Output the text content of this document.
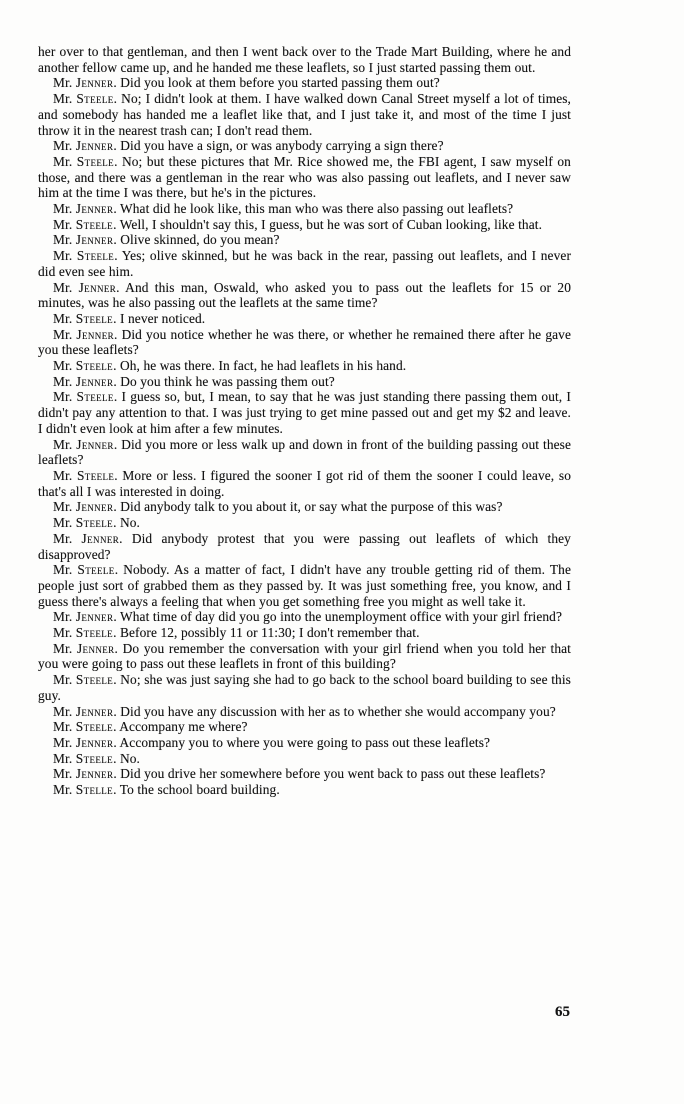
her over to that gentleman, and then I went back over to the Trade Mart Building, where he and another fellow came up, and he handed me these leaflets, so I just started passing them out.

Mr. Jenner. Did you look at them before you started passing them out?

Mr. Steele. No; I didn't look at them. I have walked down Canal Street myself a lot of times, and somebody has handed me a leaflet like that, and I just take it, and most of the time I just throw it in the nearest trash can; I don't read them.

Mr. Jenner. Did you have a sign, or was anybody carrying a sign there?

Mr. Steele. No; but these pictures that Mr. Rice showed me, the FBI agent, I saw myself on those, and there was a gentleman in the rear who was also passing out leaflets, and I never saw him at the time I was there, but he's in the pictures.

Mr. Jenner. What did he look like, this man who was there also passing out leaflets?

Mr. Steele. Well, I shouldn't say this, I guess, but he was sort of Cuban looking, like that.

Mr. Jenner. Olive skinned, do you mean?

Mr. Steele. Yes; olive skinned, but he was back in the rear, passing out leaflets, and I never did even see him.

Mr. Jenner. And this man, Oswald, who asked you to pass out the leaflets for 15 or 20 minutes, was he also passing out the leaflets at the same time?

Mr. Steele. I never noticed.

Mr. Jenner. Did you notice whether he was there, or whether he remained there after he gave you these leaflets?

Mr. Steele. Oh, he was there. In fact, he had leaflets in his hand.

Mr. Jenner. Do you think he was passing them out?

Mr. Steele. I guess so, but, I mean, to say that he was just standing there passing them out, I didn't pay any attention to that. I was just trying to get mine passed out and get my $2 and leave. I didn't even look at him after a few minutes.

Mr. Jenner. Did you more or less walk up and down in front of the building passing out these leaflets?

Mr. Steele. More or less. I figured the sooner I got rid of them the sooner I could leave, so that's all I was interested in doing.

Mr. Jenner. Did anybody talk to you about it, or say what the purpose of this was?

Mr. Steele. No.

Mr. Jenner. Did anybody protest that you were passing out leaflets of which they disapproved?

Mr. Steele. Nobody. As a matter of fact, I didn't have any trouble getting rid of them. The people just sort of grabbed them as they passed by. It was just something free, you know, and I guess there's always a feeling that when you get something free you might as well take it.

Mr. Jenner. What time of day did you go into the unemployment office with your girl friend?

Mr. Steele. Before 12, possibly 11 or 11:30; I don't remember that.

Mr. Jenner. Do you remember the conversation with your girl friend when you told her that you were going to pass out these leaflets in front of this building?

Mr. Steele. No; she was just saying she had to go back to the school board building to see this guy.

Mr. Jenner. Did you have any discussion with her as to whether she would accompany you?

Mr. Steele. Accompany me where?

Mr. Jenner. Accompany you to where you were going to pass out these leaflets?

Mr. Steele. No.

Mr. Jenner. Did you drive her somewhere before you went back to pass out these leaflets?

Mr. Stelle. To the school board building.

65
